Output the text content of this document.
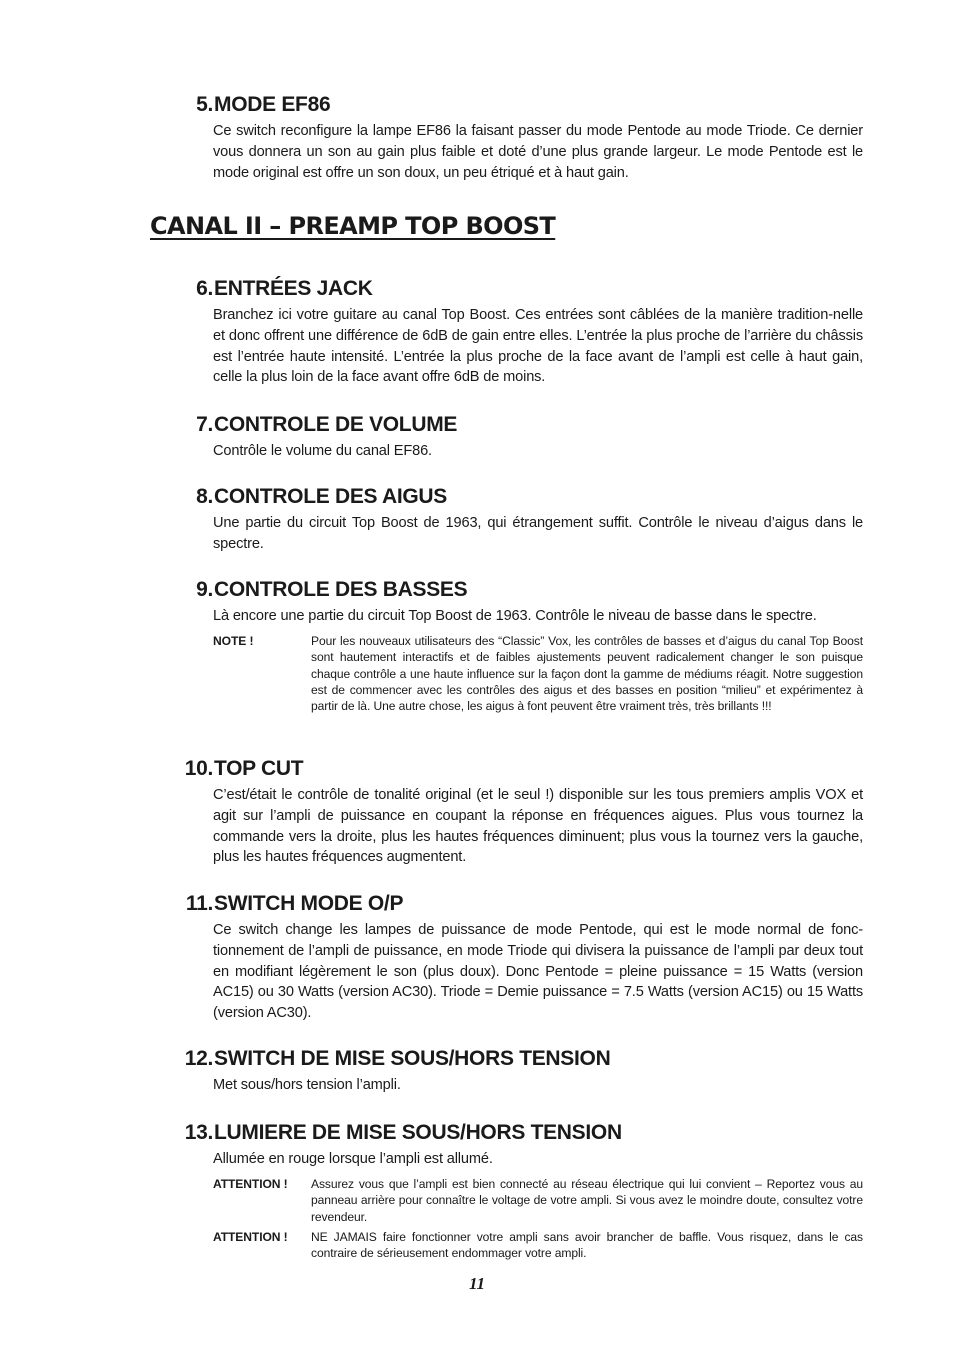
5. MODE EF86

Ce switch reconfigure la lampe EF86 la faisant passer du mode Pentode au mode Triode. Ce dernier vous donnera un son au gain plus faible et doté d’une plus grande largeur. Le mode Pentode est le mode original est offre un son doux, un peu étriqué et à haut gain.

CANAL II – PREAMP TOP BOOST
6. ENTRÉES JACK

Branchez ici votre guitare au canal Top Boost. Ces entrées sont câblées de la manière tradition-nelle et donc offrent une différence de 6dB de gain entre elles. L’entrée la plus proche de l’arrière du châssis est l’entrée haute intensité. L’entrée la plus proche de la face avant de l’ampli est celle à haut gain, celle la plus loin de la face avant offre 6dB de moins.

7. CONTROLE DE VOLUME

Contrôle le volume du canal EF86.

8. CONTROLE DES AIGUS

Une partie du circuit Top Boost de 1963, qui étrangement suffit. Contrôle le niveau d’aigus dans le spectre.

9. CONTROLE DES BASSES

Là encore une partie du circuit Top Boost de 1963. Contrôle le niveau de basse dans le spectre.

NOTE !	Pour les nouveaux utilisateurs des “Classic” Vox, les contrôles de basses et d’aigus du canal Top Boost sont hautement interactifs et de faibles ajustements peuvent radicalement changer le son puisque chaque contrôle a une haute influence sur la façon dont la gamme de médiums réagit. Notre suggestion est de commencer avec les contrôles des aigus et des basses en position “milieu” et expérimentez à partir de là. Une autre chose, les aigus à font peuvent être vraiment très, très brillants !!!
10. TOP CUT

C’est/était le contrôle de tonalité original (et le seul !) disponible sur les tous premiers amplis VOX et agit sur l’ampli de puissance en coupant la réponse en fréquences aigues. Plus vous tournez la commande vers la droite, plus les hautes fréquences diminuent; plus vous la tournez vers la gauche, plus les hautes fréquences augmentent.

11. SWITCH MODE O/P

Ce switch change les lampes de puissance de mode Pentode, qui est le mode normal de fonc-tionnement de l’ampli de puissance, en mode Triode qui divisera la puissance de l’ampli par deux tout en modifiant légèrement le son (plus doux). Donc Pentode = pleine puissance = 15 Watts (version AC15) ou 30 Watts (version AC30). Triode = Demie puissance = 7.5 Watts (version AC15) ou 15 Watts (version AC30).

12. SWITCH DE MISE SOUS/HORS TENSION

Met sous/hors tension l’ampli.

13. LUMIERE DE MISE SOUS/HORS TENSION

Allumée en rouge lorsque l’ampli est allumé.

ATTENTION !	Assurez vous que l’ampli est bien connecté au réseau électrique qui lui convient – Reportez vous au panneau arrière pour connaître le voltage de votre ampli. Si vous avez le moindre doute, consultez votre revendeur.
ATTENTION !	NE JAMAIS faire fonctionner votre ampli sans avoir brancher de baffle. Vous risquez, dans le cas contraire de sérieusement endommager votre ampli.
11
